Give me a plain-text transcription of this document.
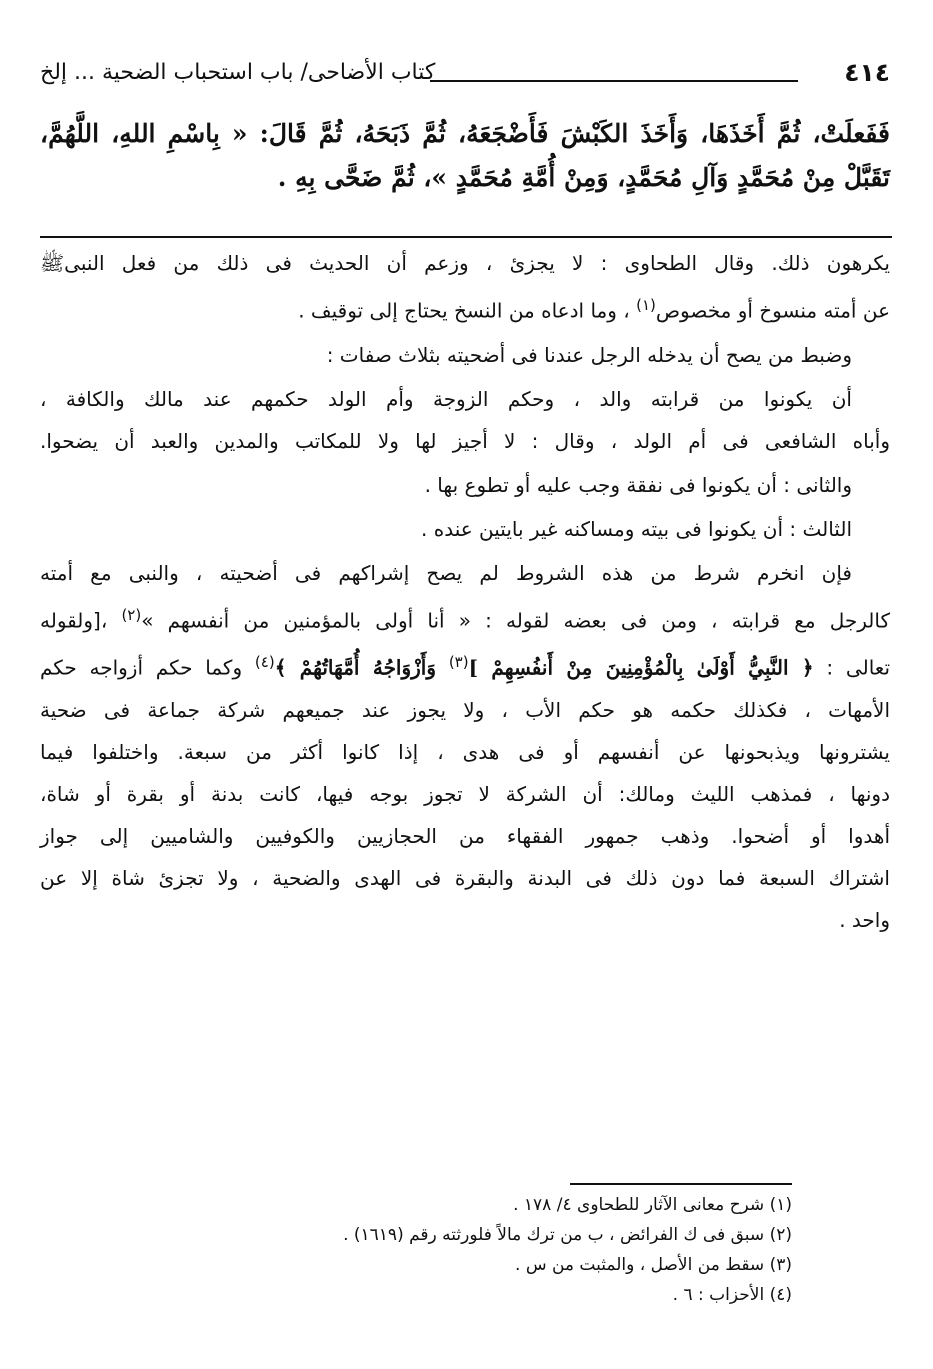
٤١٤
كتاب الأضاحى/ باب استحباب الضحية ... إلخ
فَفَعلَتْ، ثُمَّ أَخَذَهَا، وَأَخَذَ الكَبْشَ فَأَضْجَعَهُ، ثُمَّ ذَبَحَهُ، ثُمَّ قَالَ: « بِاسْمِ اللهِ، اللَّهُمَّ،
تَقَبَّلْ مِنْ مُحَمَّدٍ وَآلِ مُحَمَّدٍ، وَمِنْ أُمَّةِ مُحَمَّدٍ »، ثُمَّ ضَحَّى بِهِ .
ﷺ يكرهون ذلك. وقال الطحاوى : لا يجزئ ، وزعم أن الحديث فى ذلك من فعل النبى
عن أمته منسوخ أو مخصوص$^{(١)}$ ، وما ادعاه من النسخ يحتاج إلى توقيف .
وضبط من يصح أن يدخله الرجل عندنا فى أضحيته بثلاث صفات :
أن يكونوا من قرابته والد ، وحكم الزوجة وأم الولد حكمهم عند مالك والكافة ،
وأباه الشافعى فى أم الولد ، وقال : لا أجيز لها ولا للمكاتب والمدين والعبد أن يضحوا.
والثانى : أن يكونوا فى نفقة وجب عليه أو تطوع بها .
الثالث : أن يكونوا فى بيته ومساكنه غير بايتين عنده .
فإن انخرم شرط من هذه الشروط لم يصح إشراكهم فى أضحيته ، والنبى مع أمته
كالرجل مع قرابته ، ومن فى بعضه لقوله : « أنا أولى بالمؤمنين من أنفسهم »$^{(٢)}$ ،[ولقوله
تعالى : ﴿ النَّبِيُّ أَوْلَىٰ بِالْمُؤْمِنِينَ مِنْ أَنفُسِهِمْ ]$^{(٣)}$ وَأَزْوَاجُهُ أُمَّهَاتُهُمْ ﴾$^{(٤)}$ وكما حكم أزواجه حكم
الأمهات ، فكذلك حكمه هو حكم الأب ، ولا يجوز عند جميعهم شركة جماعة فى ضحية
يشترونها ويذبحونها عن أنفسهم أو فى هدى ، إذا كانوا أكثر من سبعة. واختلفوا فيما
دونها ، فمذهب الليث ومالك: أن الشركة لا تجوز بوجه فيها، كانت بدنة أو بقرة أو شاة،
أهدوا أو أضحوا. وذهب جمهور الفقهاء من الحجازيين والكوفيين والشاميين إلى جواز
اشتراك السبعة فما دون ذلك فى البدنة والبقرة فى الهدى والضحية ، ولا تجزئ شاة إلا عن
واحد .
(١) شرح معانى الآثار للطحاوى ٤/ ١٧٨ .
(٢) سبق فى ك الفرائض ، ب من ترك مالاً فلورثته رقم (١٦١٩) .
(٣) سقط من الأصل ، والمثبت من س .
(٤) الأحزاب : ٦ .
